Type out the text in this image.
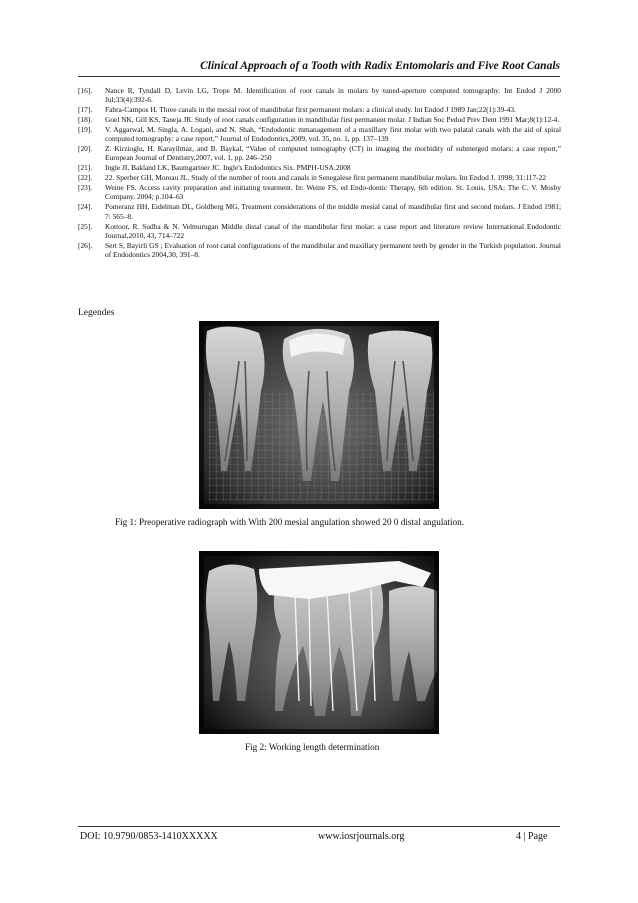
Clinical Approach of a Tooth with Radix Entomolaris and Five Root Canals
[16].	Nance R, Tyndall D, Levin LG, Trope M. Identification of root canals in molars by tuned-aperture computed tomography. Int Endod J 2000 Jul;33(4):392-6.
[17].	Fabra-Campos H. Three canals in the mesial root of mandibular first permanent molars: a clinical study. Int Endod J 1989 Jan;22(1):39-43.
[18].	Goel NK, Gill KS, Taneja JR. Study of root canals configuration in mandibular first permanent molar. J Indian Soc Pedod Prev Dent 1991 Mar;8(1):12-4.
[19].	V. Aggarwal, M. Singla, A. Logani, and N. Shah, “Endodontic mmanagement of a maxillary first molar with two palatal canals with the aid of spiral computed tomography: a case report,” Journal of Endodontics,2009, vol. 35, no. 1, pp. 137–139
[20].	Z. Kirzioglu, H. Karayilmaz, and B. Baykal, “Value of computed tomography (CT) in imaging the morbidity of submerged molars: a case report,” European Journal of Dentistry,2007, vol. 1, pp. 246–250
[21].	Ingle JI, Bakland LK, Baumgartner JC. Ingle's Endodontics Six. PMPH-USA.2008
[22].	22. Sperber GH, Moreau JL. Study of the number of roots and canals in Senegalese first permanent mandibular molars. Int Endod J. 1998; 31:117-22
[23].	Weine FS. Access cavity preparation and initiating treatment. In: Weine FS, ed Endo-dontic Therapy, 6th edition. St. Louis, USA; The C. V. Mosby Company. 2004; p.104–63
[24].	Pomeranz HH, Eidelman DL, Goldberg MG. Treatment considerations of the middle mesial canal of mandibular first and second molars. J Endod 1981; 7: 565–8.
[25].	Kottoor, R. Sudha & N. Velmurugan Middle distal canal of the mandibular first molar: a case report and literature review International Endodontic Journal,2010, 43, 714–722
[26].	Sert S, Bayirli GS ; Evaluation of root canal configurations of the mandibular and maxillary permanent teeth by gender in the Turkish population. Journal of Endodontics 2004,30, 391–8.
Legendes
Fig 1: Preoperative radiograph with With 200 mesial angulation showed 20 0 distal angulation.
Fig 2: Working length determination
DOI: 10.9790/0853-1410XXXXX	www.iosrjournals.org	4 | Page
